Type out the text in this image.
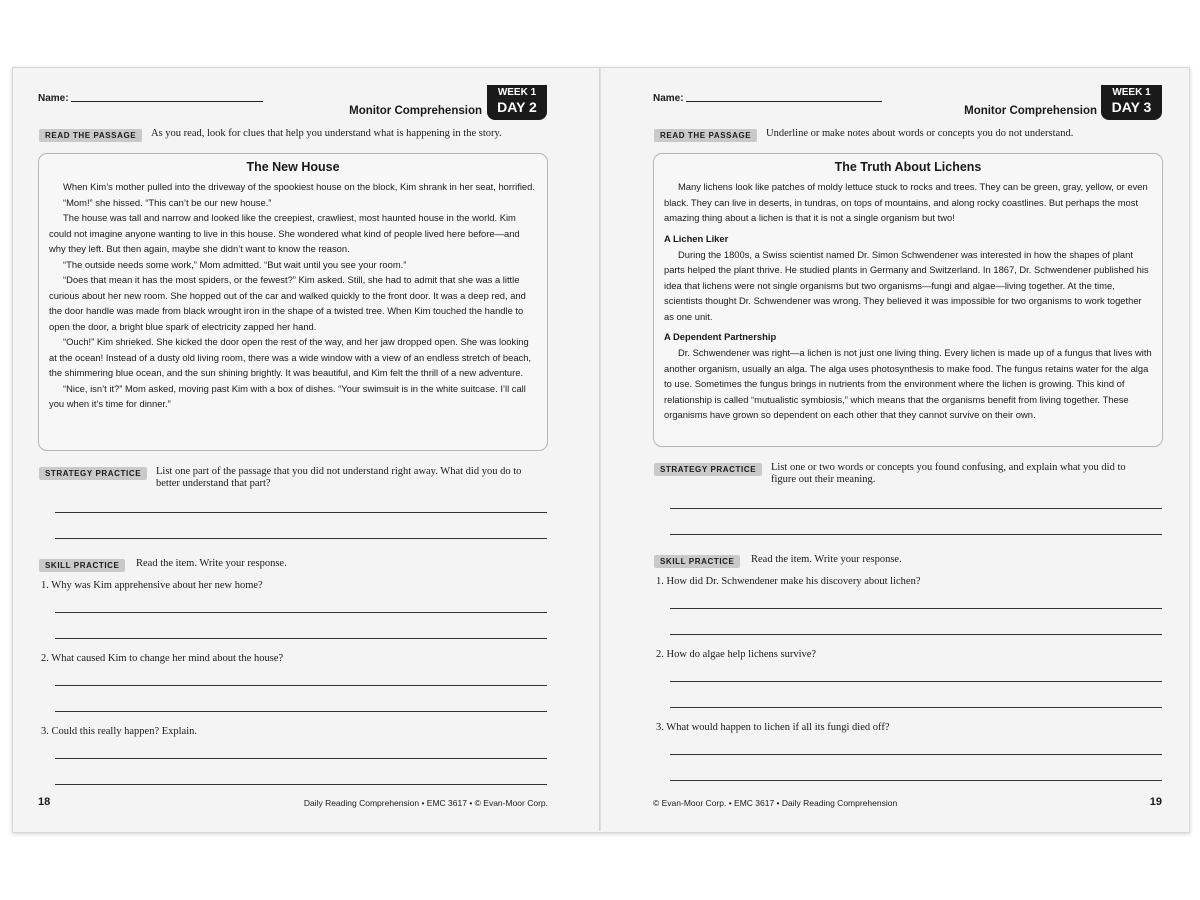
Name:
Monitor Comprehension
WEEK 1
DAY 2
READ THE PASSAGE	As you read, look for clues that help you understand what is happening in the story.
The New House

When Kim’s mother pulled into the driveway of the spookiest house on the block, Kim shrank in her seat, horrified.

“Mom!” she hissed. “This can’t be our new house.”

The house was tall and narrow and looked like the creepiest, crawliest, most haunted house in the world. Kim could not imagine anyone wanting to live in this house. She wondered what kind of people lived here before—and why they left. But then again, maybe she didn’t want to know the reason.

“The outside needs some work,” Mom admitted. “But wait until you see your room.”

“Does that mean it has the most spiders, or the fewest?” Kim asked. Still, she had to admit that she was a little curious about her new room. She hopped out of the car and walked quickly to the front door. It was a deep red, and the door handle was made from black wrought iron in the shape of a twisted tree. When Kim touched the handle to open the door, a bright blue spark of electricity zapped her hand.

“Ouch!” Kim shrieked. She kicked the door open the rest of the way, and her jaw dropped open. She was looking at the ocean! Instead of a dusty old living room, there was a wide window with a view of an endless stretch of beach, the shimmering blue ocean, and the sun shining brightly. It was beautiful, and Kim felt the thrill of a new adventure.

“Nice, isn’t it?” Mom asked, moving past Kim with a box of dishes. “Your swimsuit is in the white suitcase. I’ll call you when it’s time for dinner.”

STRATEGY PRACTICE	List one part of the passage that you did not understand right away. What did you do to better understand that part?
SKILL PRACTICE	Read the item. Write your response.
1. Why was Kim apprehensive about her new home?
2. What caused Kim to change her mind about the house?
3. Could this really happen? Explain.
18	Daily Reading Comprehension • EMC 3617 • © Evan-Moor Corp.
Name:
Monitor Comprehension
WEEK 1
DAY 3
READ THE PASSAGE	Underline or make notes about words or concepts you do not understand.
The Truth About Lichens

Many lichens look like patches of moldy lettuce stuck to rocks and trees. They can be green, gray, yellow, or even black. They can live in deserts, in tundras, on tops of mountains, and along rocky coastlines. But perhaps the most amazing thing about a lichen is that it is not a single organism but two!

A Lichen Liker

During the 1800s, a Swiss scientist named Dr. Simon Schwendener was interested in how the shapes of plant parts helped the plant thrive. He studied plants in Germany and Switzerland. In 1867, Dr. Schwendener published his idea that lichens were not single organisms but two organisms—fungi and algae—living together. At the time, scientists thought Dr. Schwendener was wrong. They believed it was impossible for two organisms to work together as one unit.

A Dependent Partnership

Dr. Schwendener was right—a lichen is not just one living thing. Every lichen is made up of a fungus that lives with another organism, usually an alga. The alga uses photosynthesis to make food. The fungus retains water for the alga to use. Sometimes the fungus brings in nutrients from the environment where the lichen is growing. This kind of relationship is called “mutualistic symbiosis,” which means that the organisms benefit from living together. These organisms have grown so dependent on each other that they cannot survive on their own.

STRATEGY PRACTICE	List one or two words or concepts you found confusing, and explain what you did to figure out their meaning.
SKILL PRACTICE	Read the item. Write your response.
1. How did Dr. Schwendener make his discovery about lichen?
2. How do algae help lichens survive?
3. What would happen to lichen if all its fungi died off?
© Evan-Moor Corp. • EMC 3617 • Daily Reading Comprehension	19
